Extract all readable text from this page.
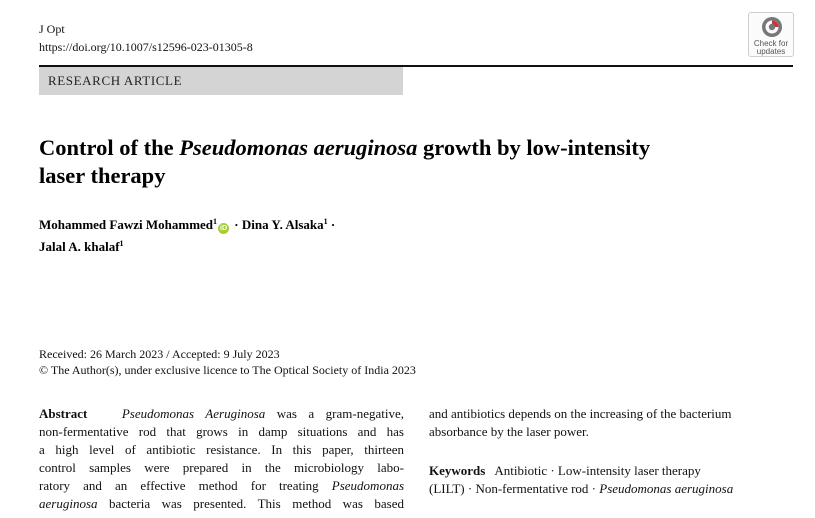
J Opt
https://doi.org/10.1007/s12596-023-01305-8	Check for
updates
RESEARCH ARTICLE
Control of the Pseudomonas aeruginosa growth by low-intensity
laser therapy
Mohammed Fawzi Mohammed$^1$iD · Dina Y. Alsaka$^1$ ·
Jalal A. khalaf$^1$
Received: 26 March 2023 / Accepted: 9 July 2023
© The Author(s), under exclusive licence to The Optical Society of India 2023
Abstract	Pseudomonas Aeruginosa was a gram-negative,
non-fermentative rod that grows in damp situations and has
a high level of antibiotic resistance. In this paper, thirteen
control samples were prepared in the microbiology labo-
ratory and an effective method for treating Pseudomonas
aeruginosa bacteria was presented. This method was based
and antibiotics depends on the increasing of the bacterium
absorbance by the laser power.
Keywords Antibiotic · Low-intensity laser therapy
(LILT) · Non-fermentative rod · Pseudomonas aeruginosa
